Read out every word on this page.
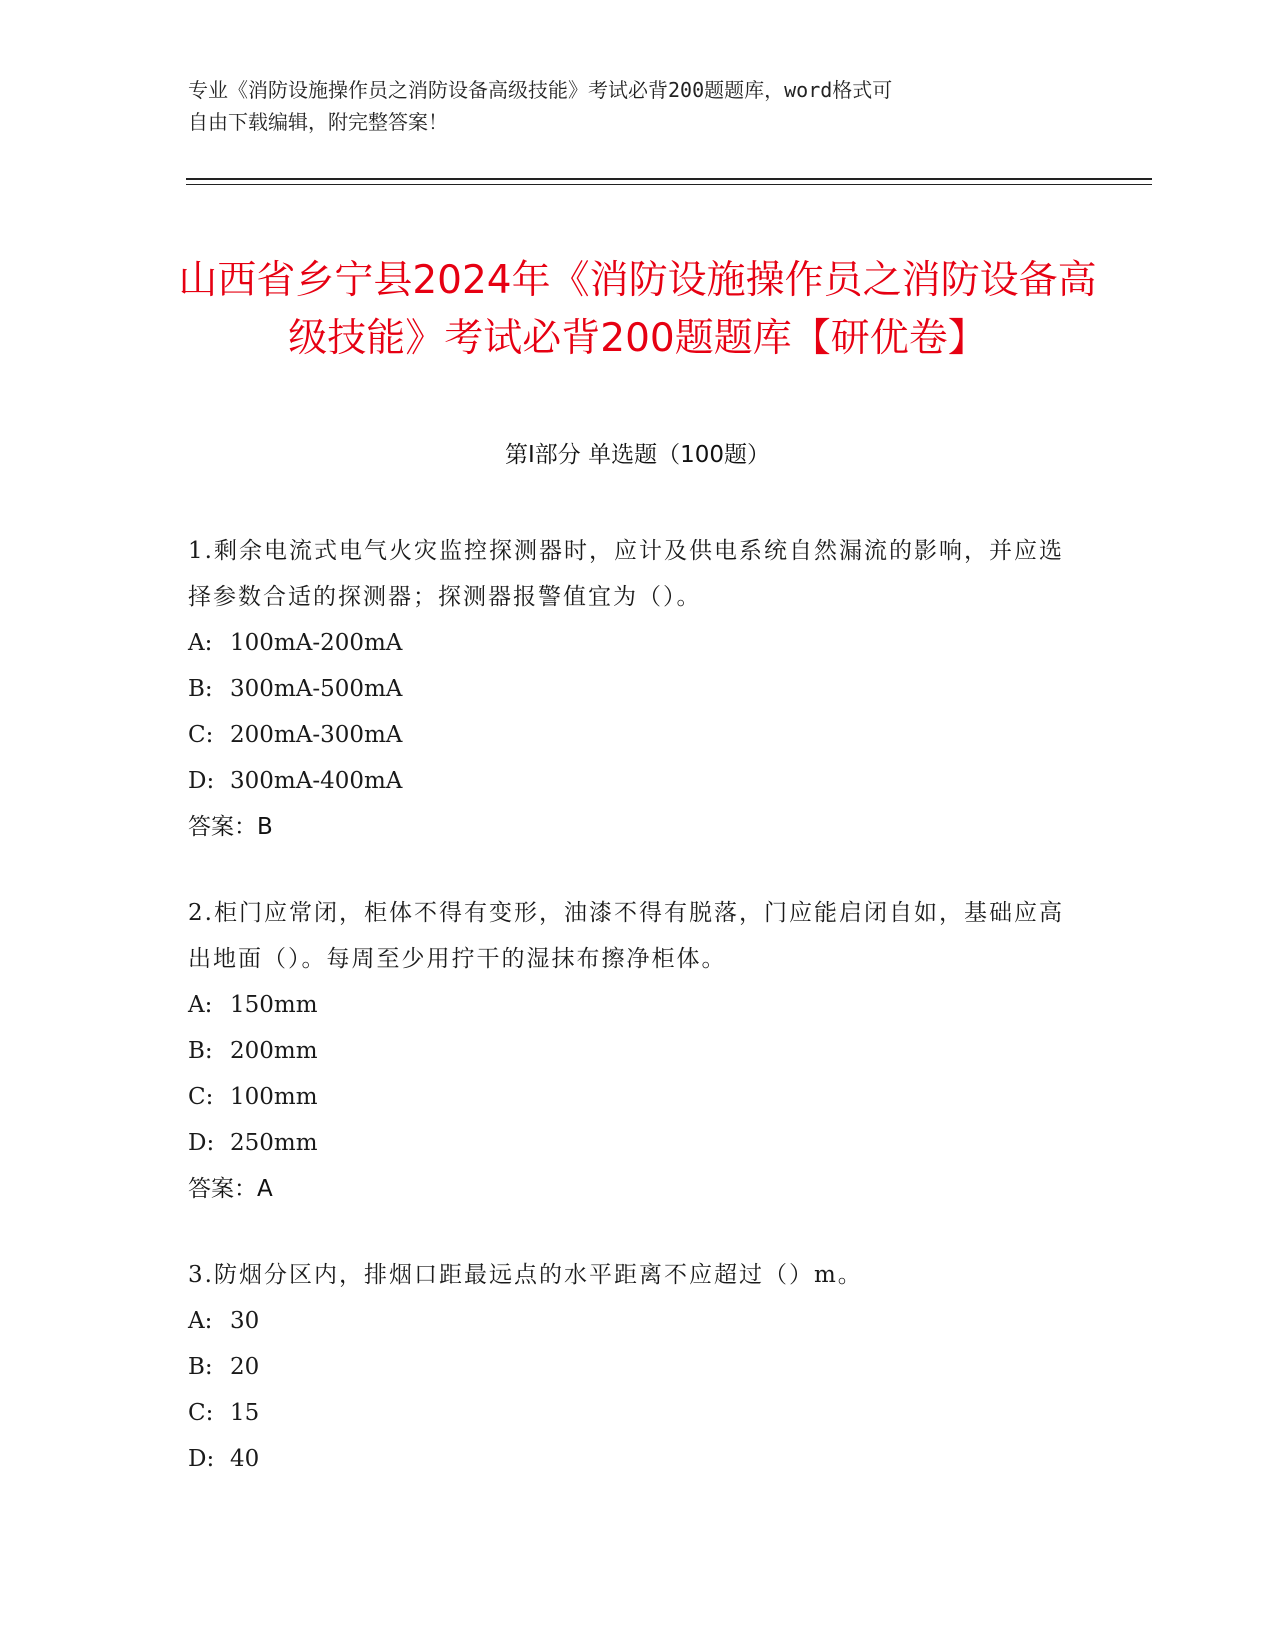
专业《消防设施操作员之消防设备高级技能》考试必背200题题库，word格式可
自由下载编辑，附完整答案！
山西省乡宁县2024年《消防设施操作员之消防设备高级技能》考试必背200题题库【研优卷】
第Ⅰ部分 单选题（100题）
1.剩余电流式电气火灾监控探测器时，应计及供电系统自然漏流的影响，并应选择参数合适的探测器；探测器报警值宜为（）。
A: 100mA-200mA
B: 300mA-500mA
C: 200mA-300mA
D: 300mA-400mA
答案：B
2.柜门应常闭，柜体不得有变形，油漆不得有脱落，门应能启闭自如，基础应高出地面（）。每周至少用拧干的湿抹布擦净柜体。
A: 150mm
B: 200mm
C: 100mm
D: 250mm
答案：A
3.防烟分区内，排烟口距最远点的水平距离不应超过（）m。
A: 30
B: 20
C: 15
D: 40
